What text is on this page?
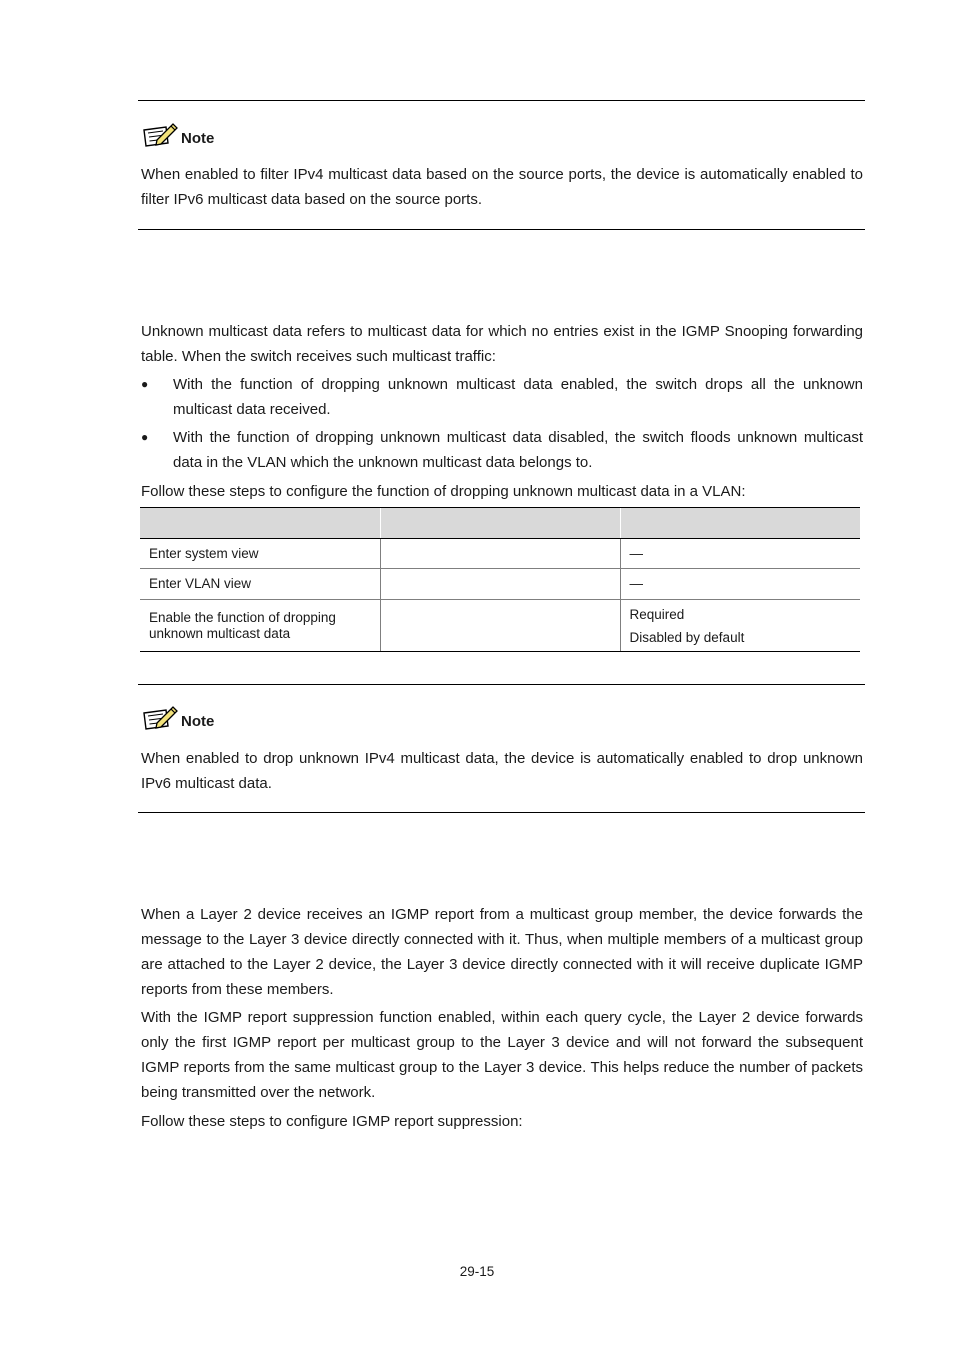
Note

When enabled to filter IPv4 multicast data based on the source ports, the device is automatically enabled to filter IPv6 multicast data based on the source ports.

Unknown multicast data refers to multicast data for which no entries exist in the IGMP Snooping forwarding table. When the switch receives such multicast traffic:

● With the function of dropping unknown multicast data enabled, the switch drops all the unknown multicast data received.
● With the function of dropping unknown multicast data disabled, the switch floods unknown multicast data in the VLAN which the unknown multicast data belongs to.

Follow these steps to configure the function of dropping unknown multicast data in a VLAN:

Enter system view		—
Enter VLAN view		—
Enable the function of dropping unknown multicast data		Required
Disabled by default
Note

When enabled to drop unknown IPv4 multicast data, the device is automatically enabled to drop unknown IPv6 multicast data.

When a Layer 2 device receives an IGMP report from a multicast group member, the device forwards the message to the Layer 3 device directly connected with it. Thus, when multiple members of a multicast group are attached to the Layer 2 device, the Layer 3 device directly connected with it will receive duplicate IGMP reports from these members.

With the IGMP report suppression function enabled, within each query cycle, the Layer 2 device forwards only the first IGMP report per multicast group to the Layer 3 device and will not forward the subsequent IGMP reports from the same multicast group to the Layer 3 device. This helps reduce the number of packets being transmitted over the network.

Follow these steps to configure IGMP report suppression:

29-15
